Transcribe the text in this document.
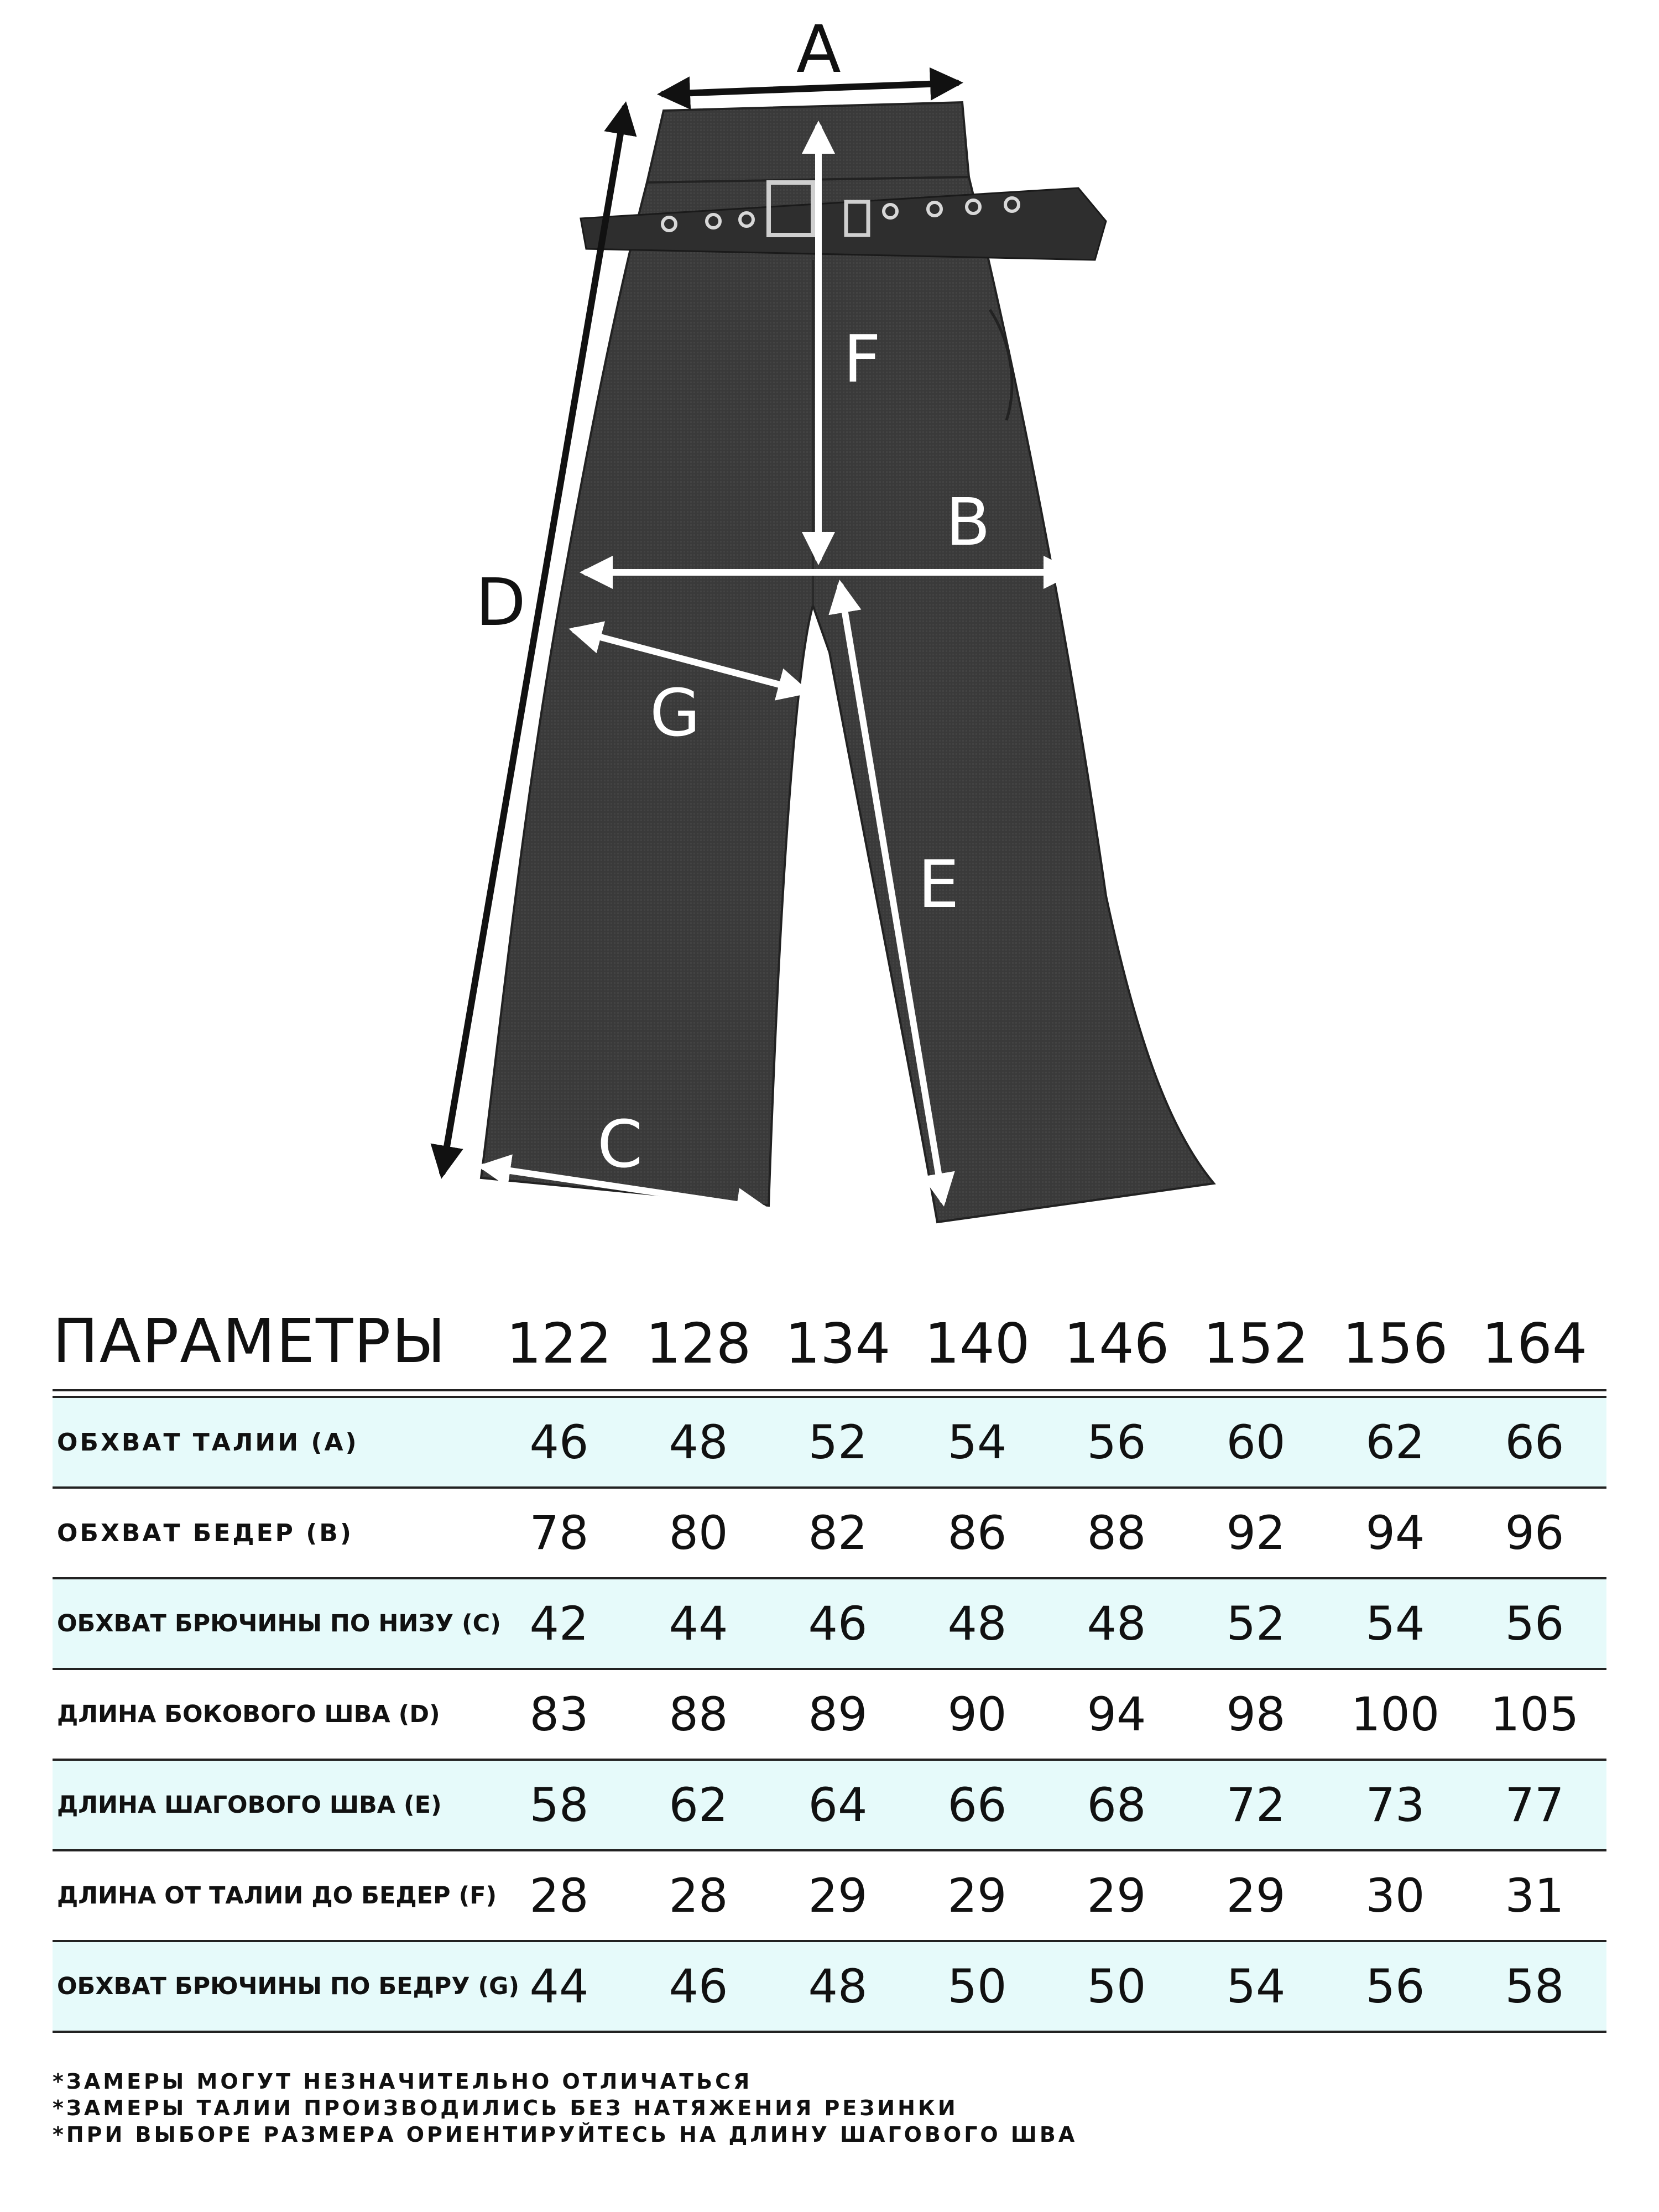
A
D
F
B
G
E
C
ПАРАМЕТРЫ	122 128 134 140 146 152 156 164
ОБХВАТ ТАЛИИ (А)	46	48	52	54	56	60	62	66
ОБХВАТ БЕДЕР (В)	78	80	82	86	88	92	94	96
ОБХВАТ БРЮЧИНЫ ПО НИЗУ (С) 42	44	46	48	48	52	54	56
ДЛИНА БОКОВОГО ШВА (D)	83	88	89	90	94	98	100	105
ДЛИНА ШАГОВОГО ШВА (Е)	58	62	64	66	68	72	73	77
ДЛИНА ОТ ТАЛИИ ДО БЕДЕР (F) 28	28	29	29	29	29	30	31
ОБХВАТ БРЮЧИНЫ ПО БЕДРУ (G) 44	46	48	50	50	54	56	58
*ЗАМЕРЫ МОГУТ НЕЗНАЧИТЕЛЬНО ОТЛИЧАТЬСЯ
*ЗАМЕРЫ ТАЛИИ ПРОИЗВОДИЛИСЬ БЕЗ НАТЯЖЕНИЯ РЕЗИНКИ
*ПРИ ВЫБОРЕ РАЗМЕРА ОРИЕНТИРУЙТЕСЬ НА ДЛИНУ ШАГОВОГО ШВА
